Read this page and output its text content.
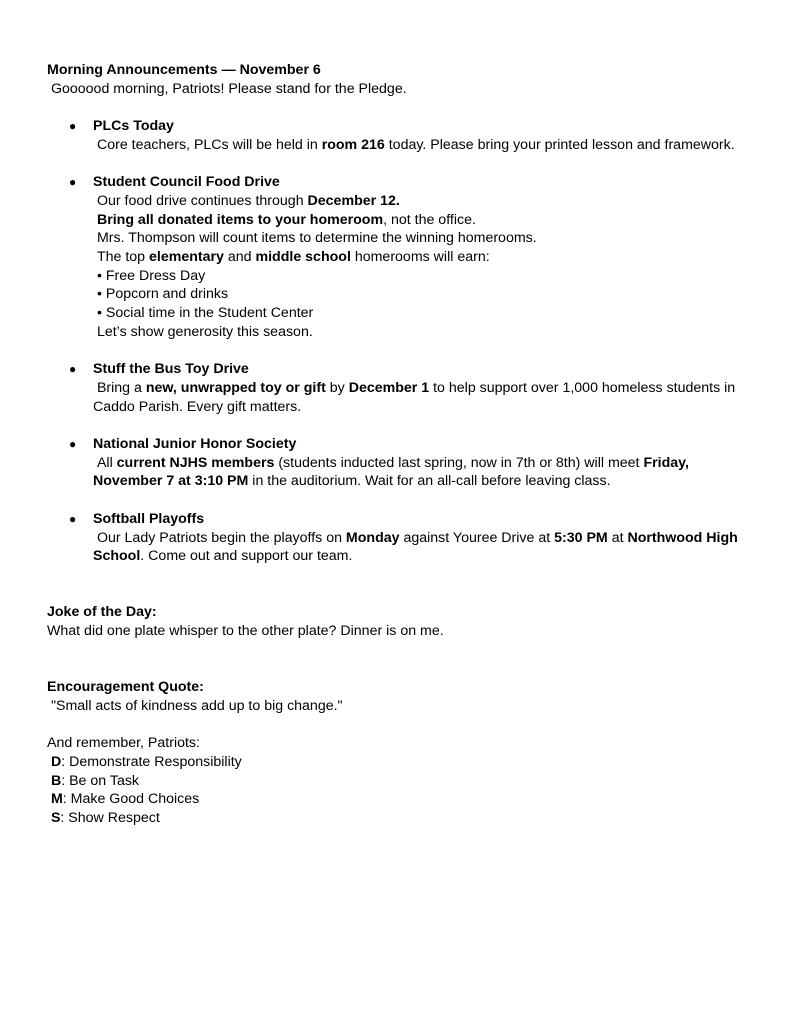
Morning Announcements — November 6
Goooood morning, Patriots! Please stand for the Pledge.
● PLCs Today
Core teachers, PLCs will be held in room 216 today. Please bring your printed lesson and framework.
● Student Council Food Drive
Our food drive continues through December 12.
Bring all donated items to your homeroom, not the office.
Mrs. Thompson will count items to determine the winning homerooms.
The top elementary and middle school homerooms will earn:
• Free Dress Day
• Popcorn and drinks
• Social time in the Student Center
Let’s show generosity this season.
● Stuff the Bus Toy Drive
Bring a new, unwrapped toy or gift by December 1 to help support over 1,000 homeless students in
Caddo Parish. Every gift matters.
● National Junior Honor Society
All current NJHS members (students inducted last spring, now in 7th or 8th) will meet Friday,
November 7 at 3:10 PM in the auditorium. Wait for an all-call before leaving class.
● Softball Playoffs
Our Lady Patriots begin the playoffs on Monday against Youree Drive at 5:30 PM at Northwood High
School. Come out and support our team.
Joke of the Day:
What did one plate whisper to the other plate? Dinner is on me.
Encouragement Quote:
"Small acts of kindness add up to big change."
And remember, Patriots:
D: Demonstrate Responsibility
B: Be on Task
M: Make Good Choices
S: Show Respect
